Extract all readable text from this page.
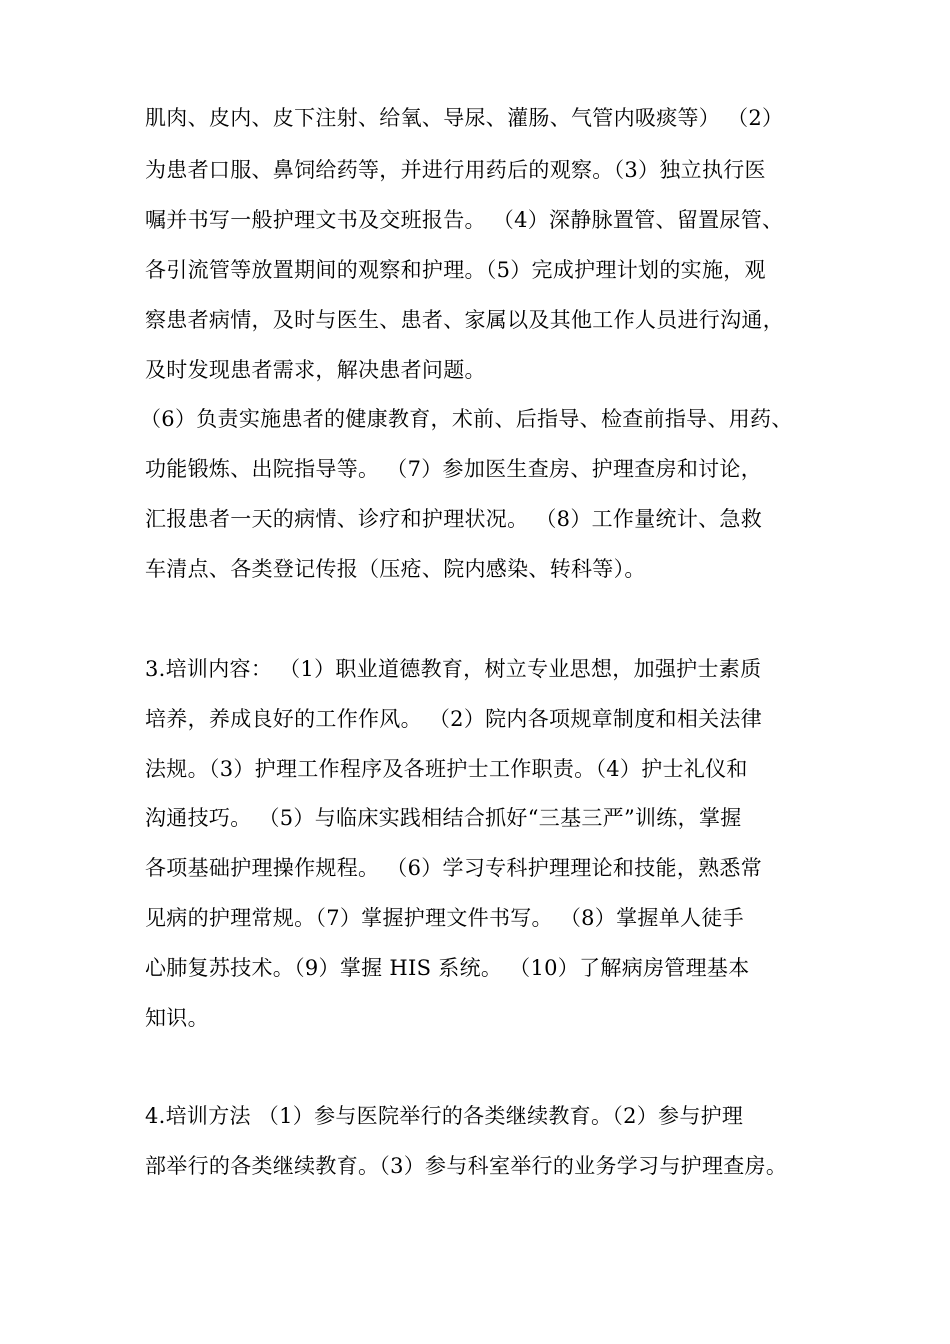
肌肉、皮内、皮下注射、给氧、导尿、灌肠、气管内吸痰等） （2）
为患者口服、鼻饲给药等，并进行用药后的观察。（3）独立执行医
嘱并书写一般护理文书及交班报告。 （4）深静脉置管、留置尿管、
各引流管等放置期间的观察和护理。（5）完成护理计划的实施，观
察患者病情，及时与医生、患者、家属以及其他工作人员进行沟通，
及时发现患者需求，解决患者问题。
（6）负责实施患者的健康教育，术前、后指导、检查前指导、用药、
功能锻炼、出院指导等。 （7）参加医生查房、护理查房和讨论，
汇报患者一天的病情、诊疗和护理状况。 （8）工作量统计、急救
车清点、各类登记传报（压疮、院内感染、转科等）。
3.培训内容： （1）职业道德教育，树立专业思想，加强护士素质
培养，养成良好的工作作风。 （2）院内各项规章制度和相关法律
法规。（3）护理工作程序及各班护士工作职责。（4）护士礼仪和
沟通技巧。 （5）与临床实践相结合抓好“三基三严”训练，掌握
各项基础护理操作规程。 （6）学习专科护理理论和技能，熟悉常
见病的护理常规。（7）掌握护理文件书写。 （8）掌握单人徒手
心肺复苏技术。（9）掌握 HIS 系统。 （10）了解病房管理基本
知识。
4.培训方法 （1）参与医院举行的各类继续教育。（2）参与护理
部举行的各类继续教育。（3）参与科室举行的业务学习与护理查房。
